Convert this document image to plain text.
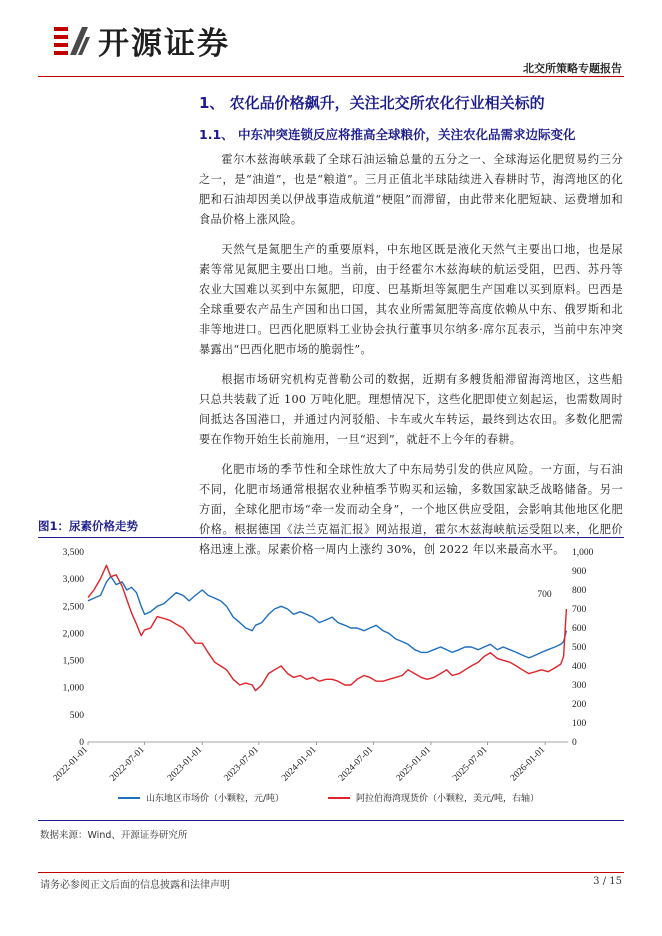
开源证券
北交所策略专题报告
1、 农化品价格飙升，关注北交所农化行业相关标的
1.1、 中东冲突连锁反应将推高全球粮价，关注农化品需求边际变化

霍尔木兹海峡承载了全球石油运输总量的五分之一、全球海运化肥贸易约三分之一，是“油道”，也是“粮道”。三月正值北半球陆续进入春耕时节，海湾地区的化肥和石油却因美以伊战事造成航道“梗阻”而滞留，由此带来化肥短缺、运费增加和食品价格上涨风险。

天然气是氮肥生产的重要原料，中东地区既是液化天然气主要出口地，也是尿素等常见氮肥主要出口地。当前，由于经霍尔木兹海峡的航运受阻，巴西、苏丹等农业大国难以买到中东氮肥，印度、巴基斯坦等氮肥生产国难以买到原料。巴西是全球重要农产品生产国和出口国，其农业所需氮肥等高度依赖从中东、俄罗斯和北非等地进口。巴西化肥原料工业协会执行董事贝尔纳多·席尔瓦表示，当前中东冲突暴露出“巴西化肥市场的脆弱性”。

根据市场研究机构克普勒公司的数据，近期有多艘货船滞留海湾地区，这些船只总共装载了近 100 万吨化肥。理想情况下，这些化肥即使立刻起运，也需数周时间抵达各国港口，并通过内河驳船、卡车或火车转运，最终到达农田。多数化肥需要在作物开始生长前施用，一旦“迟到”，就赶不上今年的春耕。

化肥市场的季节性和全球性放大了中东局势引发的供应风险。一方面，与石油不同，化肥市场通常根据农业种植季节购买和运输，多数国家缺乏战略储备。另一方面，全球化肥市场“牵一发而动全身”，一个地区供应受阻，会影响其他地区化肥价格。根据德国《法兰克福汇报》网站报道，霍尔木兹海峡航运受阻以来，化肥价格迅速上涨。尿素价格一周内上涨约 30%，创 2022 年以来最高水平。

图1：尿素价格走势
0
500
1,000
1,500
2,000
2,500
3,000
3,500
0
100
200
300
400
500
600
700
800
900
1,000
2022-01-01 2022-07-01 2023-01-01 2023-07-01 2024-01-01 2024-07-01 2025-01-01 2025-07-01 2026-01-01
700
山东地区市场价（小颗粒，元/吨）	阿拉伯海湾现货价（小颗粒，美元/吨，右轴）
数据来源：Wind、开源证券研究所
请务必参阅正文后面的信息披露和法律声明	3 / 15
